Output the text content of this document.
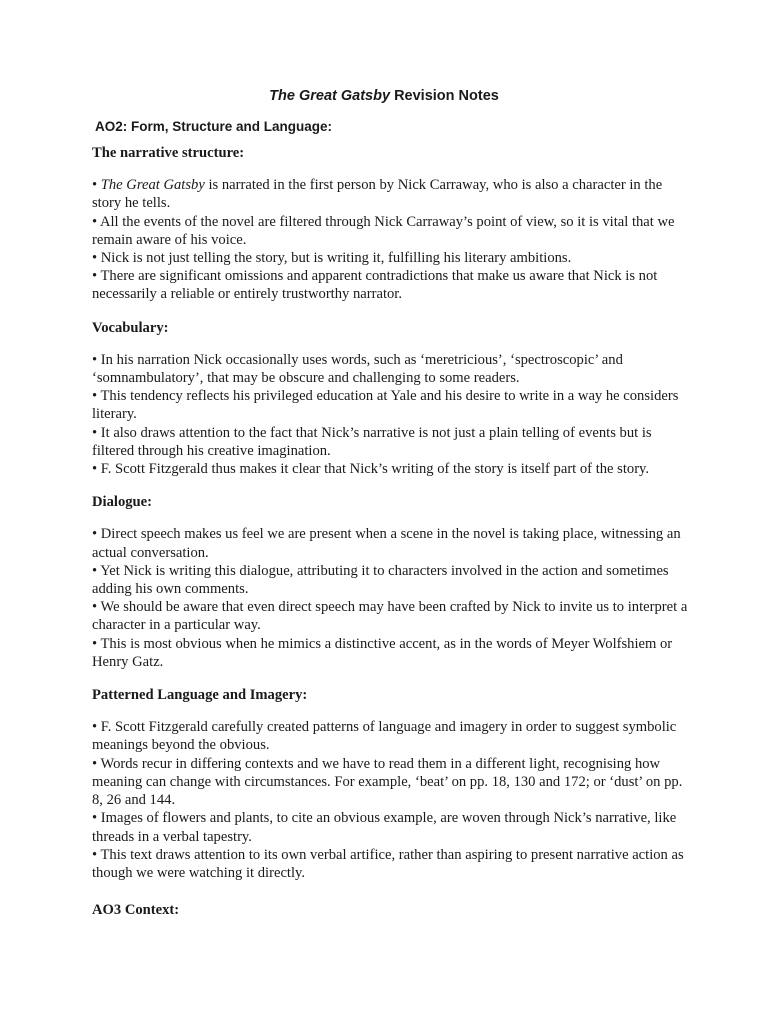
The Great Gatsby Revision Notes
AO2: Form, Structure and Language:
The narrative structure:
• The Great Gatsby is narrated in the first person by Nick Carraway, who is also a character in the story he tells.
• All the events of the novel are filtered through Nick Carraway’s point of view, so it is vital that we remain aware of his voice.
• Nick is not just telling the story, but is writing it, fulfilling his literary ambitions.
• There are significant omissions and apparent contradictions that make us aware that Nick is not necessarily a reliable or entirely trustworthy narrator.
Vocabulary:
• In his narration Nick occasionally uses words, such as ‘meretricious’, ‘spectroscopic’ and ‘somnambulatory’, that may be obscure and challenging to some readers.
• This tendency reflects his privileged education at Yale and his desire to write in a way he considers literary.
• It also draws attention to the fact that Nick’s narrative is not just a plain telling of events but is filtered through his creative imagination.
• F. Scott Fitzgerald thus makes it clear that Nick’s writing of the story is itself part of the story.
Dialogue:
• Direct speech makes us feel we are present when a scene in the novel is taking place, witnessing an actual conversation.
• Yet Nick is writing this dialogue, attributing it to characters involved in the action and sometimes adding his own comments.
• We should be aware that even direct speech may have been crafted by Nick to invite us to interpret a character in a particular way.
• This is most obvious when he mimics a distinctive accent, as in the words of Meyer Wolfshiem or Henry Gatz.
Patterned Language and Imagery:
• F. Scott Fitzgerald carefully created patterns of language and imagery in order to suggest symbolic meanings beyond the obvious.
• Words recur in differing contexts and we have to read them in a different light, recognising how meaning can change with circumstances. For example, ‘beat’ on pp. 18, 130 and 172; or ‘dust’ on pp. 8, 26 and 144.
• Images of flowers and plants, to cite an obvious example, are woven through Nick’s narrative, like threads in a verbal tapestry.
• This text draws attention to its own verbal artifice, rather than aspiring to present narrative action as though we were watching it directly.
AO3 Context:
